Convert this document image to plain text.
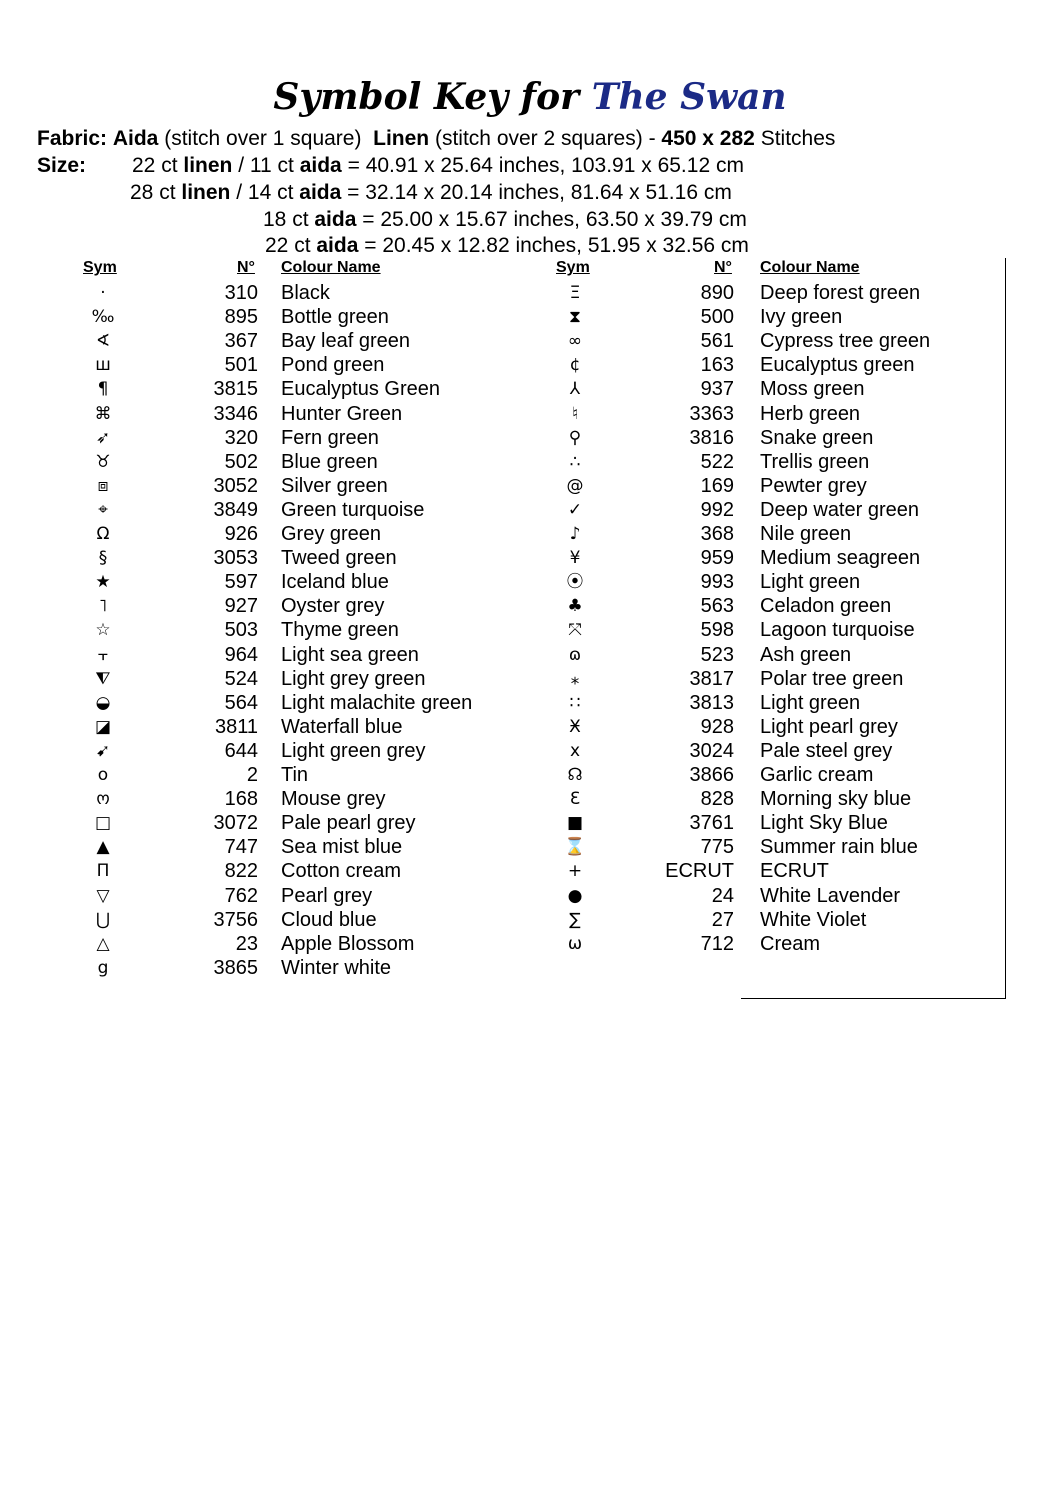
Symbol Key for The Swan
Fabric: Aida (stitch over 1 square) Linen (stitch over 2 squares) - 450 x 282 Stitches
Size: 22 ct linen / 11 ct aida = 40.91 x 25.64 inches, 103.91 x 65.12 cm
28 ct linen / 14 ct aida = 32.14 x 20.14 inches, 81.64 x 51.16 cm
18 ct aida = 25.00 x 15.67 inches, 63.50 x 39.79 cm
22 ct aida = 20.45 x 12.82 inches, 51.95 x 32.56 cm
Sym	N° Colour Name	Sym	N° Colour Name
·	310 Black
‰	895 Bottle green
∢	367 Bay leaf green
ш	501 Pond green
¶	3815 Eucalyptus Green
⌘	3346 Hunter Green
➶	320 Fern green
♉	502 Blue green
⧈	3052 Silver green
⌖	3849 Green turquoise
Ω	926 Grey green
§	3053 Tweed green
★	597 Iceland blue
˥	927 Oyster grey
☆	503 Thyme green
⫟	964 Light sea green
⧨	524 Light grey green
◒	564 Light malachite green
◪	3811 Waterfall blue
➹	644 Light green grey
o	2 Tin
ო	168 Mouse grey
□	3072 Pale pearl grey
▲	747 Sea mist blue
Π	822 Cotton cream
▽	762 Pearl grey
⋃	3756 Cloud blue
△	23 Apple Blossom
g	3865 Winter white
Ξ	890 Deep forest green
⧗	500 Ivy green
∞	561 Cypress tree green
¢	163 Eucalyptus green
⅄	937 Moss green
♮	3363 Herb green
⚲	3816 Snake green
∴	522 Trellis green
@	169 Pewter grey
✓	992 Deep water green
♪	368 Nile green
¥	959 Medium seagreen
⦿	993 Light green
♣	563 Celadon green
⤧	598 Lagoon turquoise
ɷ	523 Ash green
⁎	3817 Polar tree green
∷	3813 Light green
Ӿ	928 Light pearl grey
x	3024 Pale steel grey
☊	3866 Garlic cream
Ɛ	828 Morning sky blue
■	3761 Light Sky Blue
⌛	775 Summer rain blue
+	ECRUT ECRUT
●	24 White Lavender
∑	27 White Violet
ѡ	712 Cream
